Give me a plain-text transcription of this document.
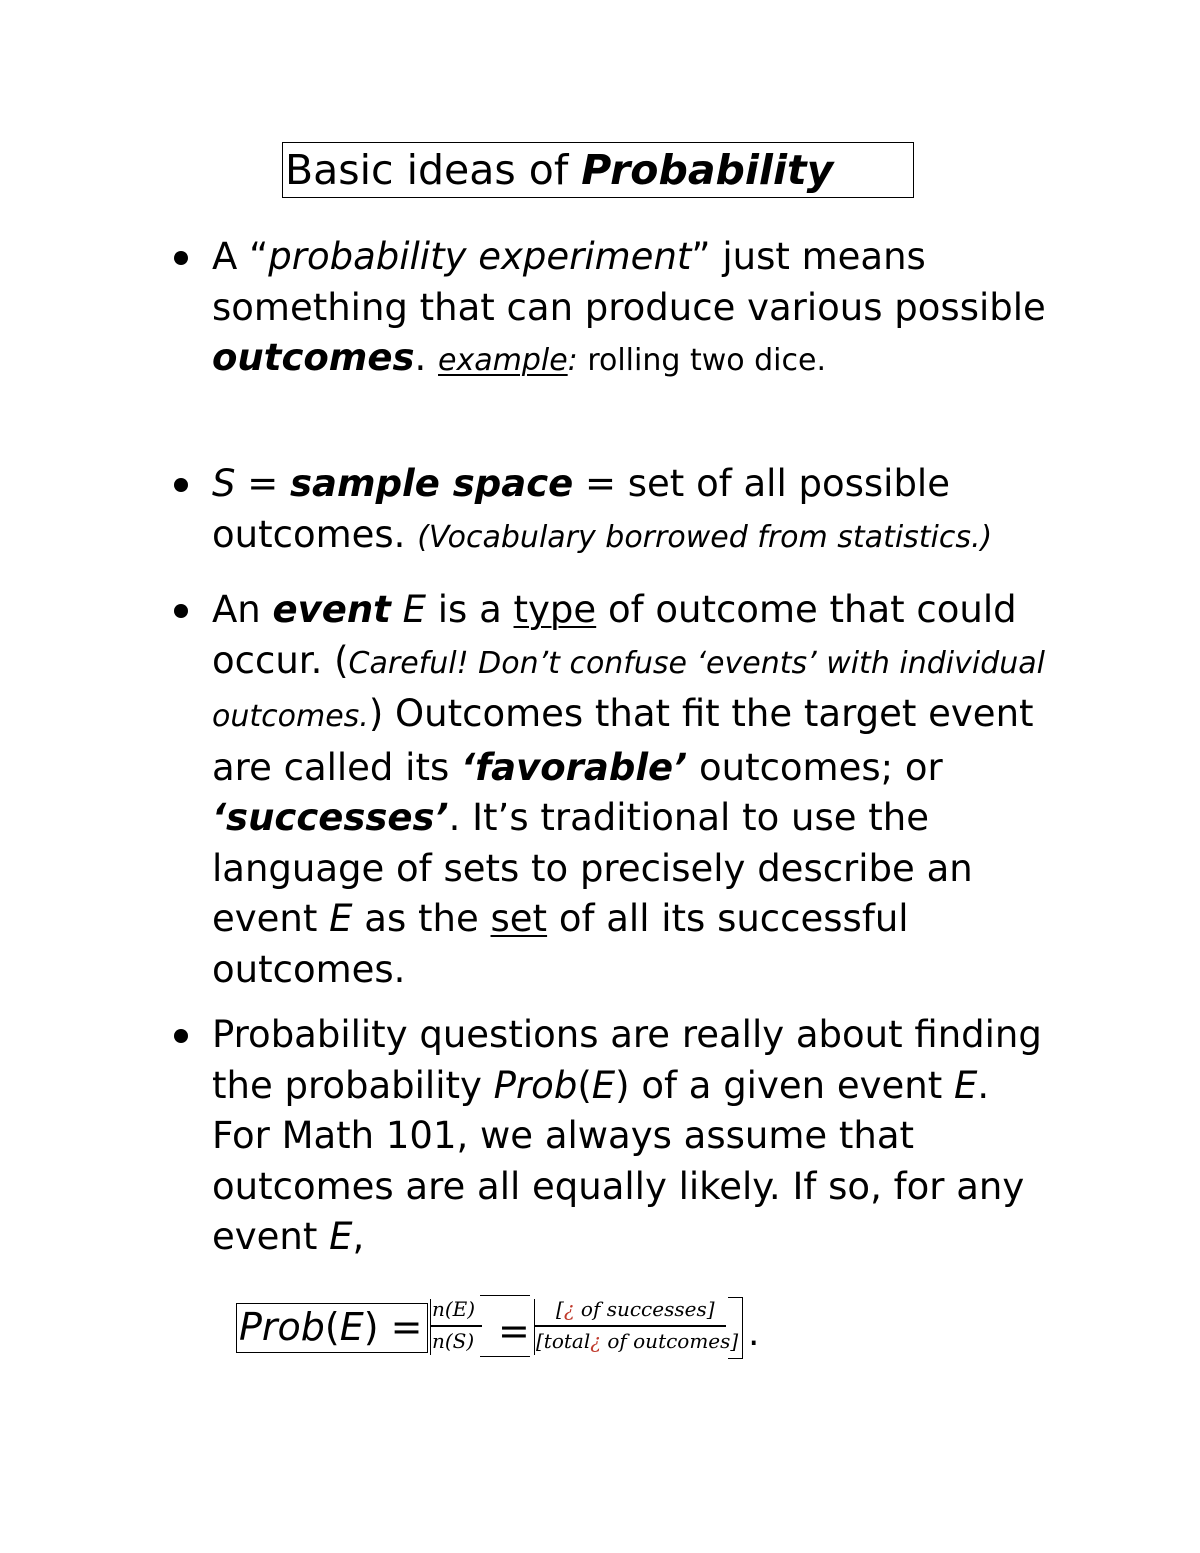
Basic ideas of Probability
A “probability experiment” just means something that can produce various possible outcomes. example: rolling two dice.
S = sample space = set of all possible outcomes. (Vocabulary borrowed from statistics.)
An event E is a type of outcome that could occur. (Careful! Don’t confuse ‘events’ with individual outcomes.) Outcomes that fit the target event are called its ‘favorable’ outcomes; or ‘successes’. It’s traditional to use the language of sets to precisely describe an event E as the set of all its successful outcomes.
Probability questions are really about finding the probability Prob(E) of a given event E. For Math 101, we always assume that outcomes are all equally likely. If so, for any event E,
Prob(E) = n(E)
n(S) = [¿ of successes]
[total¿ of outcomes] .
